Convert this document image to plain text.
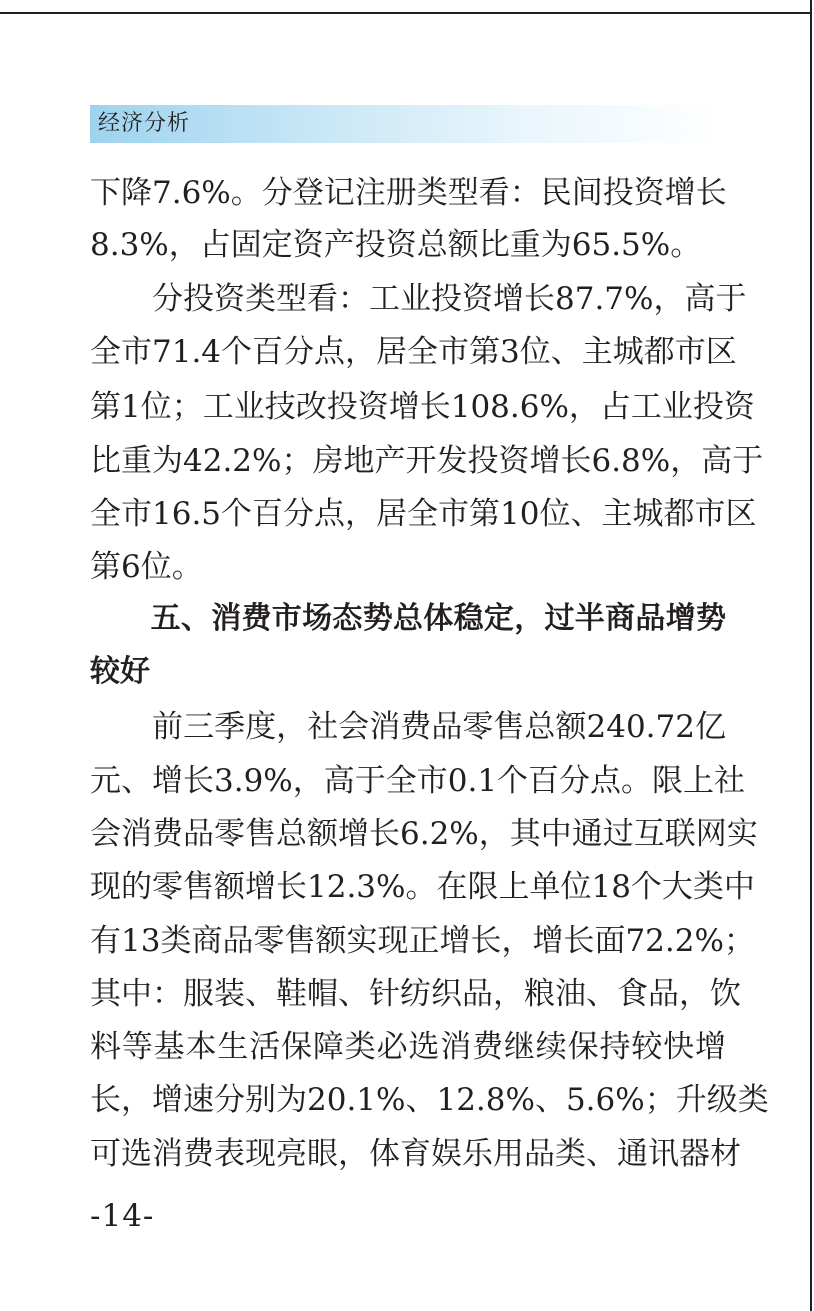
经济分析
下降7.6%。分登记注册类型看：民间投资增长
8.3%，占固定资产投资总额比重为65.5%。
　　分投资类型看：工业投资增长87.7%，高于
全市71.4个百分点，居全市第3位、主城都市区
第1位；工业技改投资增长108.6%，占工业投资
比重为42.2%；房地产开发投资增长6.8%，高于
全市16.5个百分点，居全市第10位、主城都市区
第6位。
　　五、消费市场态势总体稳定，过半商品增势
较好
　　前三季度，社会消费品零售总额240.72亿
元、增长3.9%，高于全市0.1个百分点。限上社
会消费品零售总额增长6.2%，其中通过互联网实
现的零售额增长12.3%。在限上单位18个大类中
有13类商品零售额实现正增长，增长面72.2%；
其中：服装、鞋帽、针纺织品，粮油、食品，饮
料等基本生活保障类必选消费继续保持较快增
长，增速分别为20.1%、12.8%、5.6%；升级类
可选消费表现亮眼，体育娱乐用品类、通讯器材
-14-
